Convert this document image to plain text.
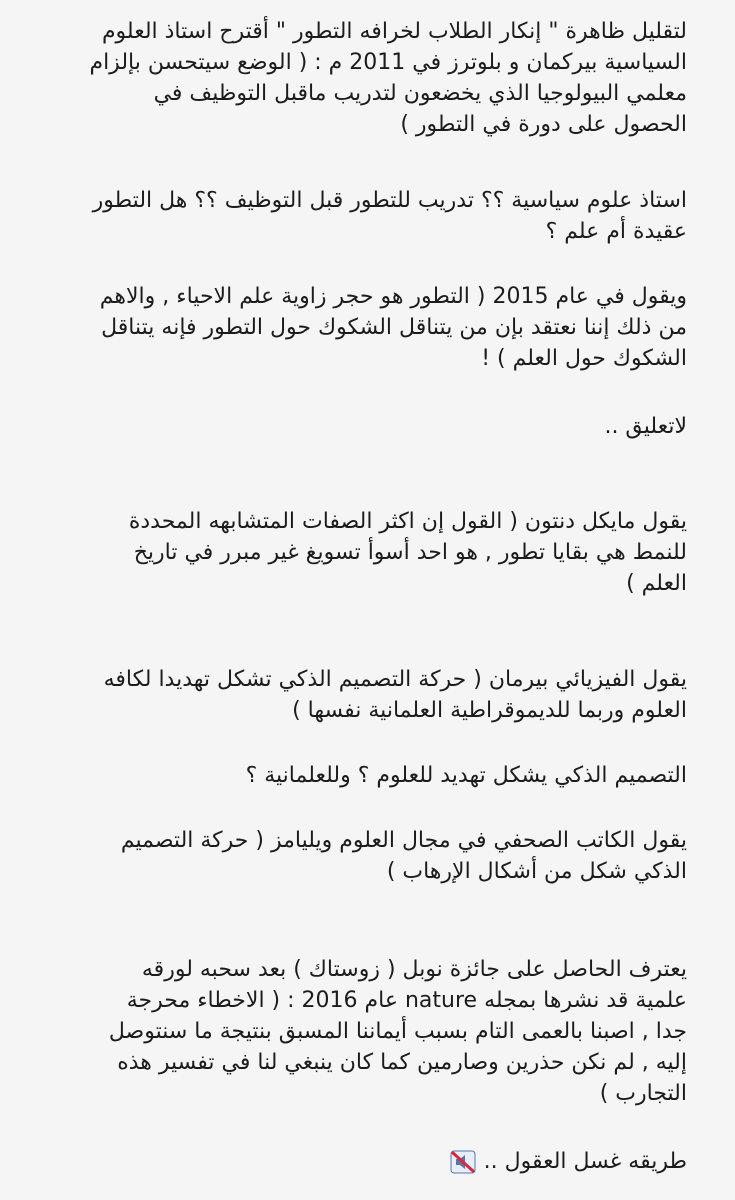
لتقليل ظاهرة " إنكار الطلاب لخرافه التطور " أقترح استاذ العلوم
السياسية بيركمان و بلوترز في 2011 م : ( الوضع سيتحسن بإلزام
معلمي البيولوجيا الذي يخضعون لتدريب ماقبل التوظيف في
الحصول على دورة في التطور )
استاذ علوم سياسية ؟؟ تدريب للتطور قبل التوظيف ؟؟ هل التطور
عقيدة أم علم ؟
ويقول في عام 2015 ( التطور هو حجر زاوية علم الاحياء , والاهم
من ذلك إننا نعتقد بإن من يتناقل الشكوك حول التطور فإنه يتناقل
الشكوك حول العلم ) !
لاتعليق ..
يقول مايكل دنتون ( القول إن اكثر الصفات المتشابهه المحددة
للنمط هي بقايا تطور , هو احد أسوأ تسويغ غير مبرر في تاريخ
العلم )
يقول الفيزيائي بيرمان ( حركة التصميم الذكي تشكل تهديدا لكافه
العلوم وربما للديموقراطية العلمانية نفسها )
التصميم الذكي يشكل تهديد للعلوم ؟ وللعلمانية ؟
يقول الكاتب الصحفي في مجال العلوم ويليامز ( حركة التصميم
الذكي شكل من أشكال الإرهاب )
يعترف الحاصل على جائزة نوبل ( زوستاك ) بعد سحبه لورقه
علمية قد نشرها بمجله nature عام 2016 : ( الاخطاء محرجة
جدا , اصبنا بالعمى التام بسبب أيماننا المسبق بنتيجة ما سنتوصل
إليه , لم نكن حذرين وصارمين كما كان ينبغي لنا في تفسير هذه
التجارب )
طريقه غسل العقول ..
